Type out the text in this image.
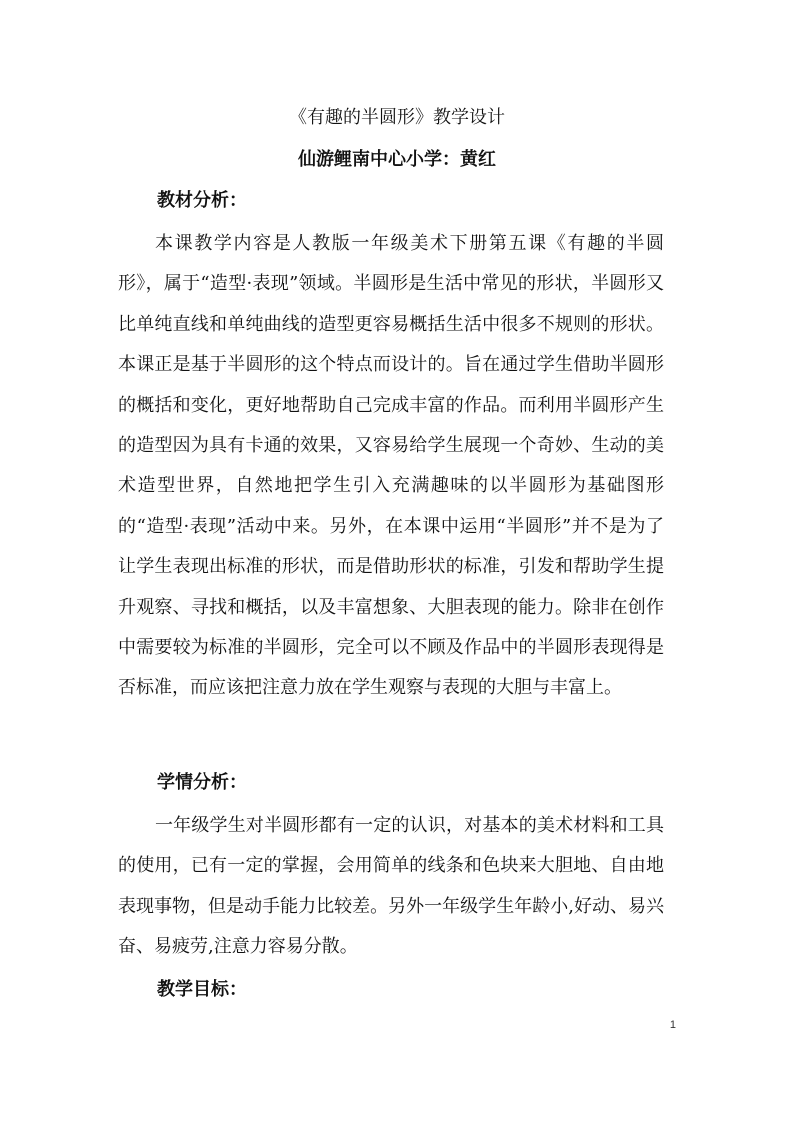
《有趣的半圆形》教学设计
仙游鲤南中心小学：黄红
教材分析：

本课教学内容是人教版一年级美术下册第五课《有趣的半圆形》，属于“造型·表现”领域。半圆形是生活中常见的形状，半圆形又比单纯直线和单纯曲线的造型更容易概括生活中很多不规则的形状。本课正是基于半圆形的这个特点而设计的。旨在通过学生借助半圆形的概括和变化，更好地帮助自己完成丰富的作品。而利用半圆形产生的造型因为具有卡通的效果，又容易给学生展现一个奇妙、生动的美术造型世界，自然地把学生引入充满趣味的以半圆形为基础图形的“造型·表现”活动中来。另外，在本课中运用“半圆形”并不是为了让学生表现出标准的形状，而是借助形状的标准，引发和帮助学生提升观察、寻找和概括，以及丰富想象、大胆表现的能力。除非在创作中需要较为标准的半圆形，完全可以不顾及作品中的半圆形表现得是否标准，而应该把注意力放在学生观察与表现的大胆与丰富上。

学情分析：

一年级学生对半圆形都有一定的认识，对基本的美术材料和工具的使用，已有一定的掌握，会用简单的线条和色块来大胆地、自由地表现事物，但是动手能力比较差。另外一年级学生年龄小,好动、易兴奋、易疲劳,注意力容易分散。

教学目标：
1
